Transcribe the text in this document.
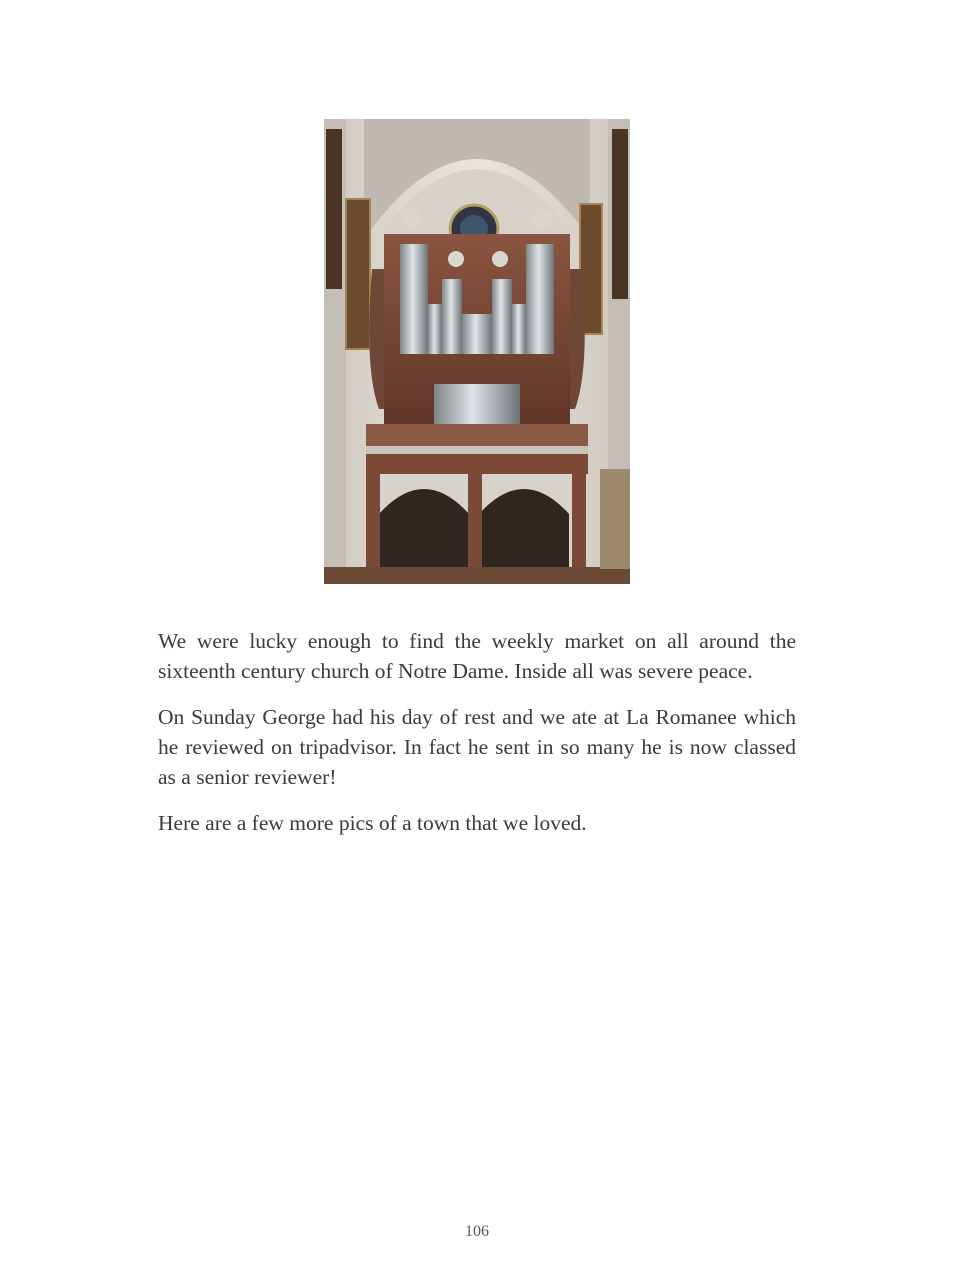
We were lucky enough to find the weekly market on all around the sixteenth century church of Notre Dame. Inside all was severe peace.

On Sunday George had his day of rest and we ate at La Romanee which he reviewed on tripadvisor. In fact he sent in so many he is now classed as a senior reviewer!

Here are a few more pics of a town that we loved.

106
